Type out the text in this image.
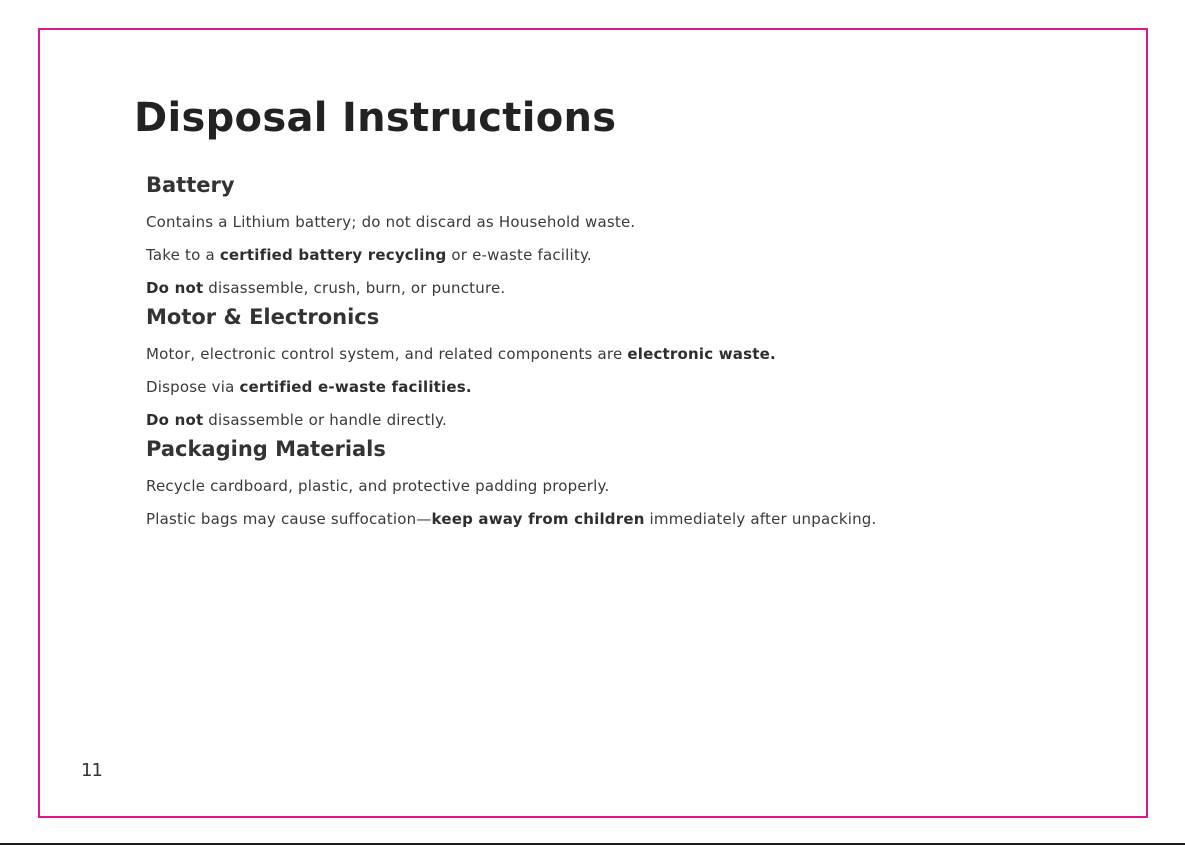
Disposal Instructions
Battery

Contains a Lithium battery; do not discard as Household waste.

Take to a certified battery recycling or e-waste facility.

Do not disassemble, crush, burn, or puncture.

Motor & Electronics

Motor, electronic control system, and related components are electronic waste.

Dispose via certified e-waste facilities.

Do not disassemble or handle directly.

Packaging Materials

Recycle cardboard, plastic, and protective padding properly.

Plastic bags may cause suffocation—keep away from children immediately after unpacking.

11
